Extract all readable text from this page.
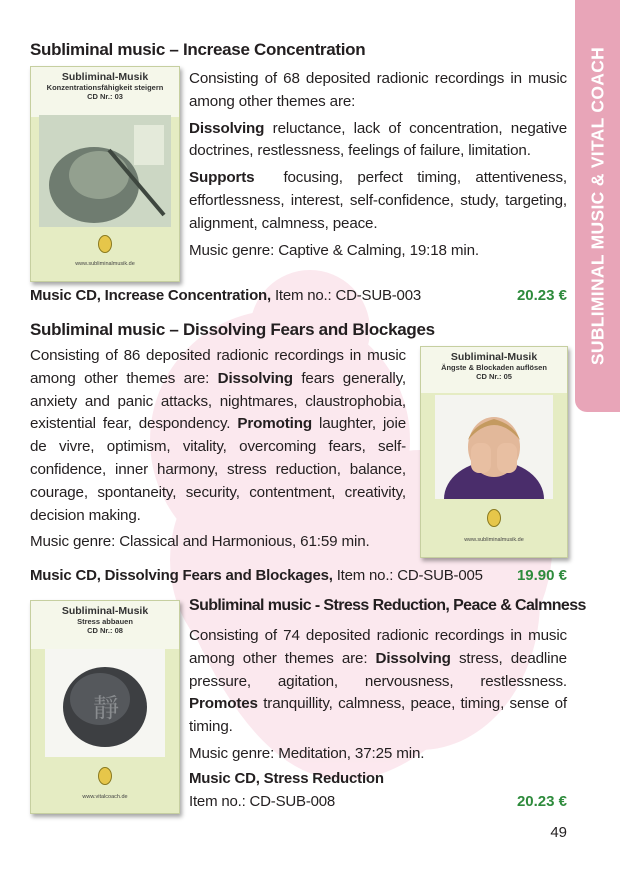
SUBLIMINAL MUSIC & VITAL COACH
Subliminal music – Increase Concentration
Subliminal-Musik
Konzentrationsfähigkeit steigern
CD Nr.: 03
www.subliminalmusik.de

Consisting of 68 deposited radionic recordings in music among other themes are:

Dissolving reluctance, lack of concentration, negative doctrines, restlessness, feelings of failure, limitation.

Supports focusing, perfect timing, attentiveness, effortlessness, interest, self-confidence, study, targeting, alignment, calmness, peace.

Music genre: Captive & Calming, 19:18 min.
Music CD, Increase Concentration, Item no.: CD-SUB-003	20.23 €
Subliminal music – Dissolving Fears and Blockages

Consisting of 86 deposited radionic recordings in music among other themes are: Dissolving fears generally, anxiety and panic attacks, nightmares, claustrophobia, existential fear, despondency. Promoting laughter, joie de vivre, optimism, vitality, overcoming fears, self-confidence, inner harmony, stress reduction, balance, courage, spontaneity, security, contentment, creativity, decision making.

Music genre: Classical and Harmonious, 61:59 min.
Subliminal-Musik
Ängste & Blockaden auflösen
CD Nr.: 05
www.subliminalmusik.de
Music CD, Dissolving Fears and Blockages, Item no.: CD-SUB-005 19.90 €
Subliminal-Musik
Stress abbauen
CD Nr.: 08
靜
www.vitalcoach.de
Subliminal music - Stress Reduction, Peace & Calmness

Consisting of 74 deposited radionic recordings in music among other themes are: Dissolving stress, deadline pressure, agitation, nervousness, restlessness. Promotes tranquillity, calmness, peace, timing, sense of timing.

Music genre: Meditation, 37:25 min.
Music CD, Stress Reduction
Item no.: CD-SUB-008	20.23 €
49
